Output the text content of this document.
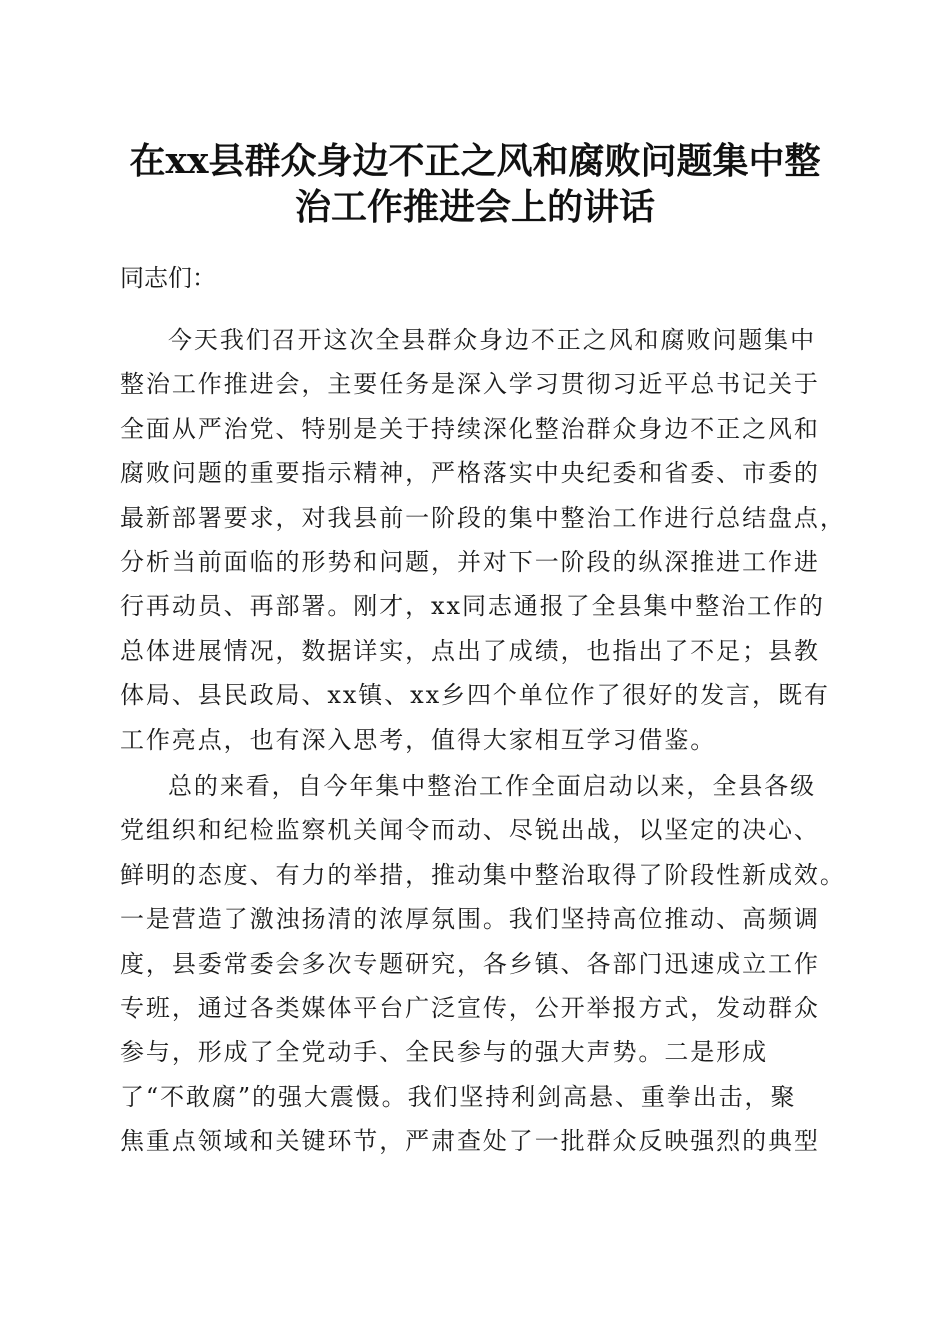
在xx县群众身边不正之风和腐败问题集中整
治工作推进会上的讲话
同志们：
今天我们召开这次全县群众身边不正之风和腐败问题集中
整治工作推进会，主要任务是深入学习贯彻习近平总书记关于
全面从严治党、特别是关于持续深化整治群众身边不正之风和
腐败问题的重要指示精神，严格落实中央纪委和省委、市委的
最新部署要求，对我县前一阶段的集中整治工作进行总结盘点，
分析当前面临的形势和问题，并对下一阶段的纵深推进工作进
行再动员、再部署。刚才，xx同志通报了全县集中整治工作的
总体进展情况，数据详实，点出了成绩，也指出了不足；县教
体局、县民政局、xx镇、xx乡四个单位作了很好的发言，既有
工作亮点，也有深入思考，值得大家相互学习借鉴。
总的来看，自今年集中整治工作全面启动以来，全县各级
党组织和纪检监察机关闻令而动、尽锐出战，以坚定的决心、
鲜明的态度、有力的举措，推动集中整治取得了阶段性新成效。
一是营造了激浊扬清的浓厚氛围。我们坚持高位推动、高频调
度，县委常委会多次专题研究，各乡镇、各部门迅速成立工作
专班，通过各类媒体平台广泛宣传，公开举报方式，发动群众
参与，形成了全党动手、全民参与的强大声势。二是形成
了“不敢腐”的强大震慑。我们坚持利剑高悬、重拳出击，聚
焦重点领域和关键环节，严肃查处了一批群众反映强烈的典型
